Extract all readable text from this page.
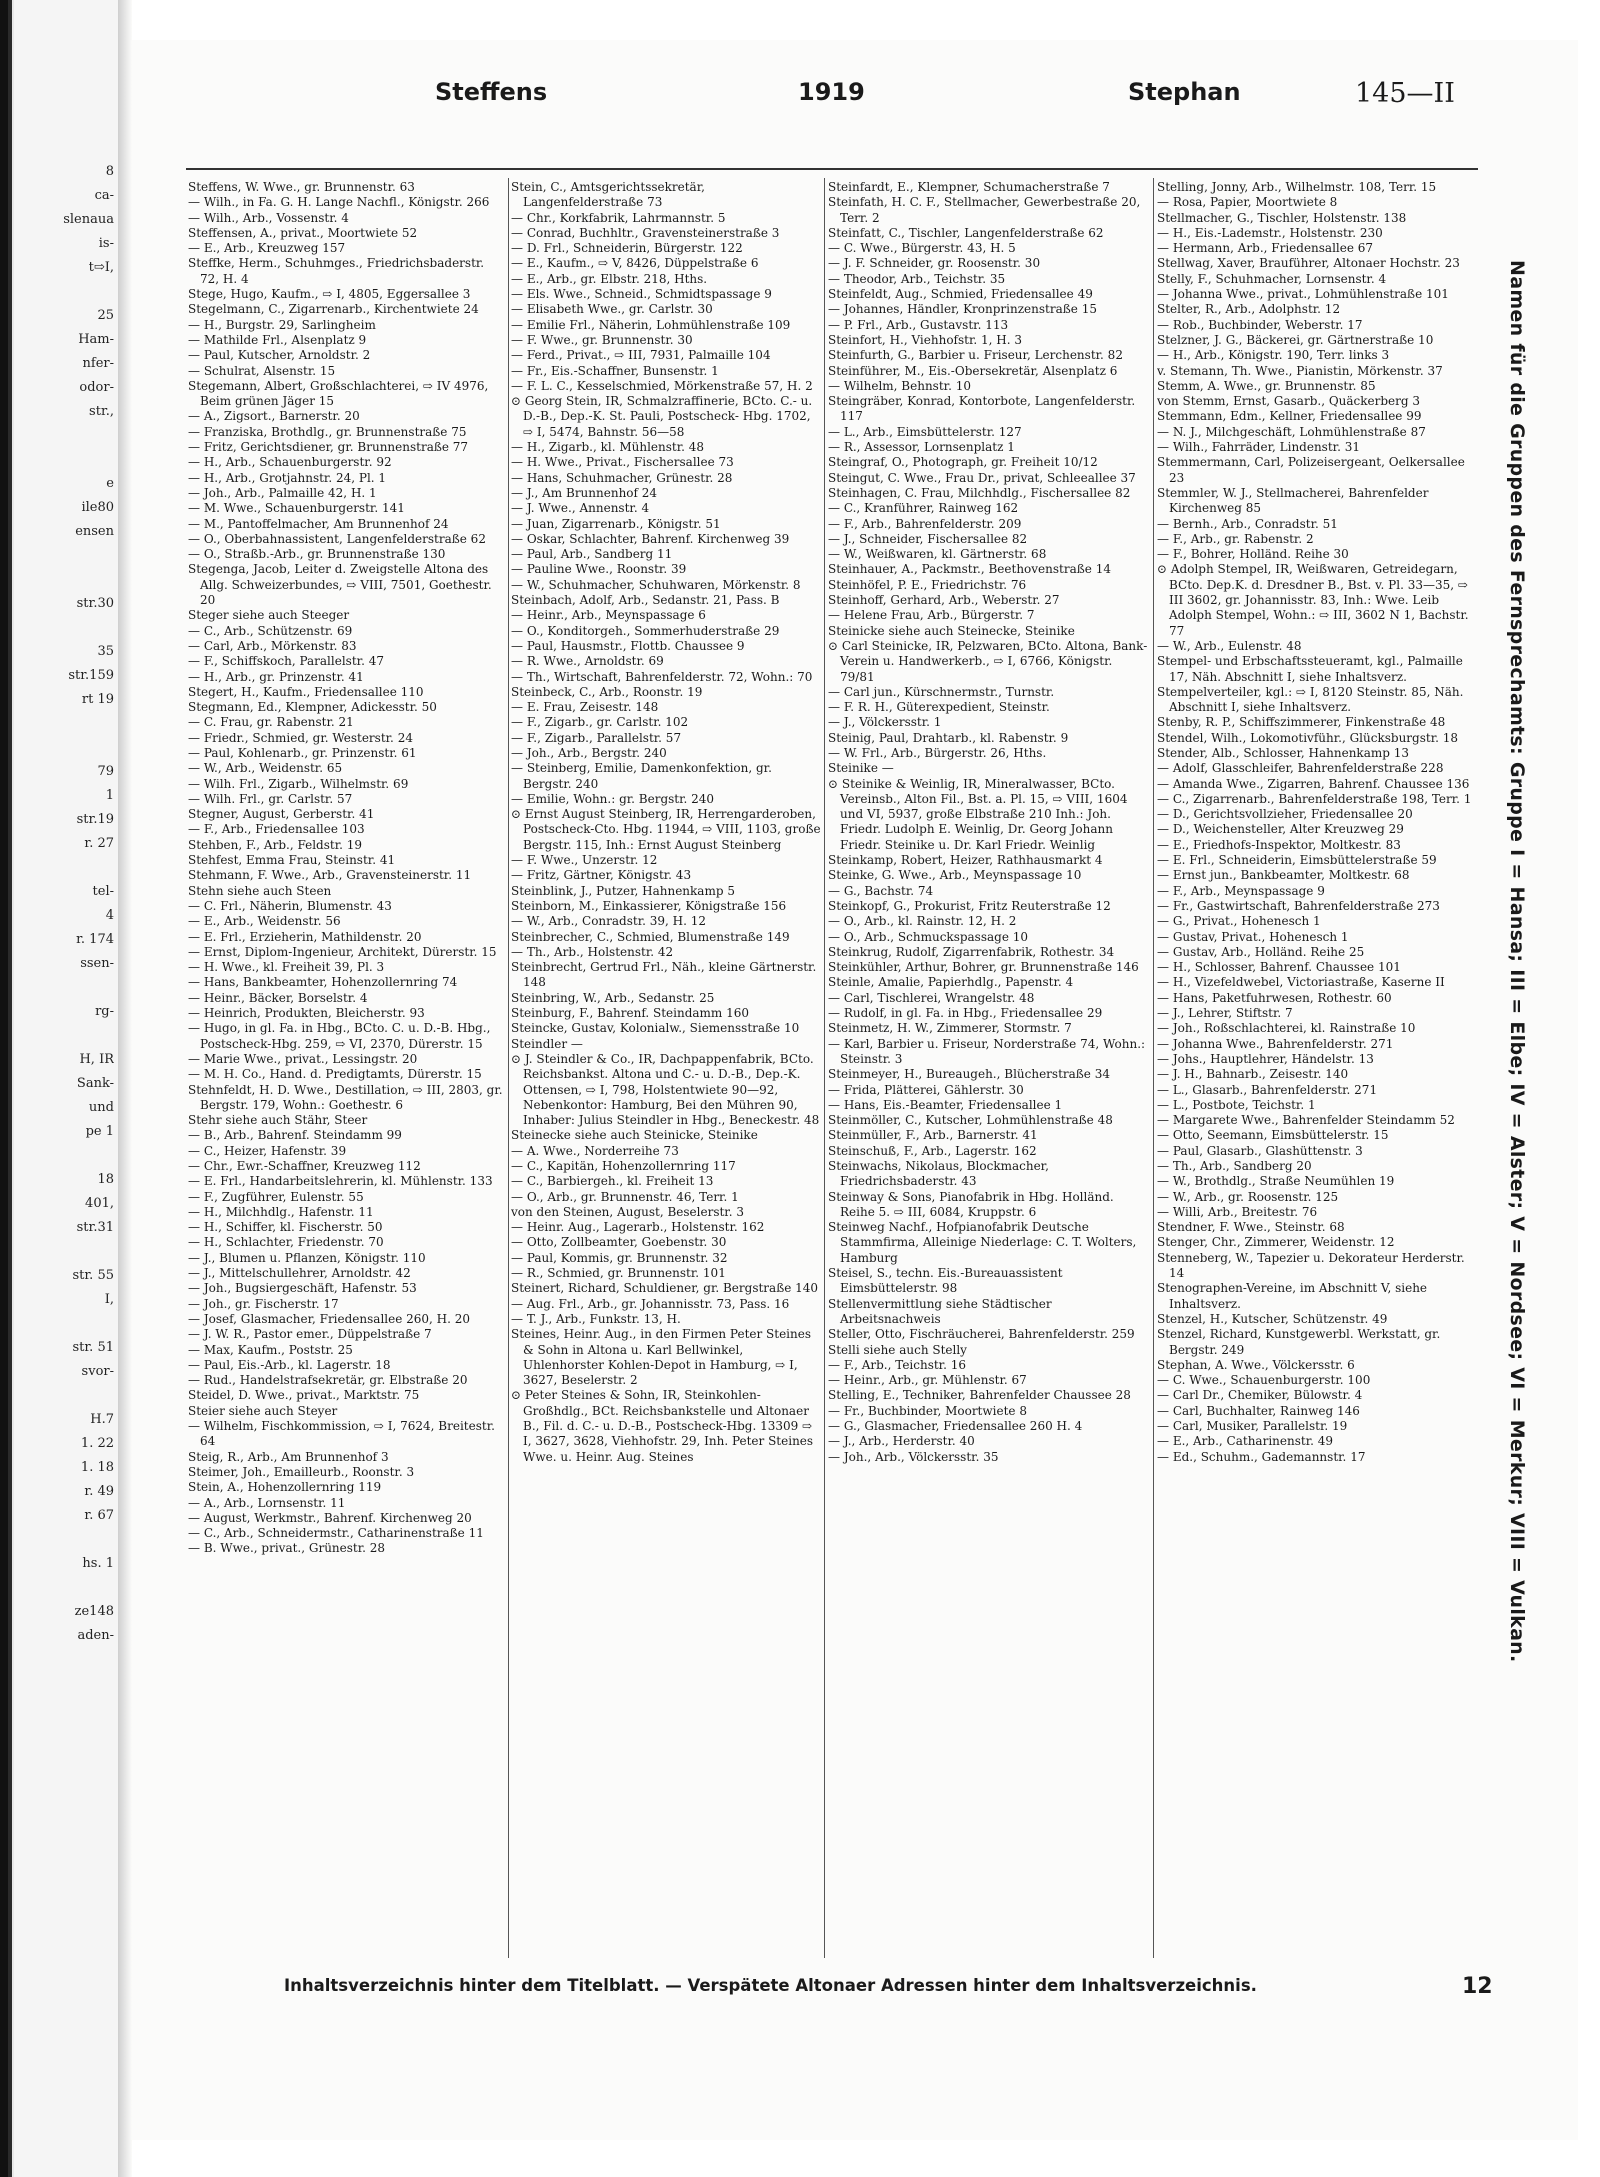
8
ca-
slenaua
is-
t⇨I,
25
Ham-
nfer-
odor-
str.,
e
ile80
ensen
str.30
35
str.159
rt 19
79
1
str.19
r. 27
tel-
4
r. 174
ssen-
rg-
H, IR
Sank-
und
pe 1
18
401,
str.31
str. 55
I,
str. 51
svor-
H.7
1. 22
1. 18
r. 49
r. 67
hs. 1
ze148
aden-
Steffens	1919	Stephan	145—II

Steffens, W. Wwe., gr. Brunnenstr. 63

— Wilh., in Fa. G. H. Lange Nachfl., Königstr. 266

— Wilh., Arb., Vossenstr. 4

Steffensen, A., privat., Moortwiete 52

— E., Arb., Kreuzweg 157

Steffke, Herm., Schuhmges., Friedrichsbaderstr. 72, H. 4

Stege, Hugo, Kaufm., ⇨ I, 4805, Eggersallee 3

Stegelmann, C., Zigarrenarb., Kirchentwiete 24

— H., Burgstr. 29, Sarlingheim

— Mathilde Frl., Alsenplatz 9

— Paul, Kutscher, Arnoldstr. 2

— Schulrat, Alsenstr. 15

Stegemann, Albert, Großschlachterei, ⇨ IV 4976, Beim grünen Jäger 15

— A., Zigsort., Barnerstr. 20

— Franziska, Brothdlg., gr. Brunnenstraße 75

— Fritz, Gerichtsdiener, gr. Brunnenstraße 77

— H., Arb., Schauenburgerstr. 92

— H., Arb., Grotjahnstr. 24, Pl. 1

— Joh., Arb., Palmaille 42, H. 1

— M. Wwe., Schauenburgerstr. 141

— M., Pantoffelmacher, Am Brunnenhof 24

— O., Oberbahnassistent, Langenfelderstraße 62

— O., Straßb.-Arb., gr. Brunnenstraße 130

Stegenga, Jacob, Leiter d. Zweigstelle Altona des Allg. Schweizerbundes, ⇨ VIII, 7501, Goethestr. 20

Steger siehe auch Steeger

— C., Arb., Schützenstr. 69

— Carl, Arb., Mörkenstr. 83

— F., Schiffskoch, Parallelstr. 47

— H., Arb., gr. Prinzenstr. 41

Stegert, H., Kaufm., Friedensallee 110

Stegmann, Ed., Klempner, Adickesstr. 50

— C. Frau, gr. Rabenstr. 21

— Friedr., Schmied, gr. Westerstr. 24

— Paul, Kohlenarb., gr. Prinzenstr. 61

— W., Arb., Weidenstr. 65

— Wilh. Frl., Zigarb., Wilhelmstr. 69

— Wilh. Frl., gr. Carlstr. 57

Stegner, August, Gerberstr. 41

— F., Arb., Friedensallee 103

Stehben, F., Arb., Feldstr. 19

Stehfest, Emma Frau, Steinstr. 41

Stehmann, F. Wwe., Arb., Gravensteinerstr. 11

Stehn siehe auch Steen

— C. Frl., Näherin, Blumenstr. 43

— E., Arb., Weidenstr. 56

— E. Frl., Erzieherin, Mathildenstr. 20

— Ernst, Diplom-Ingenieur, Architekt, Dürerstr. 15

— H. Wwe., kl. Freiheit 39, Pl. 3

— Hans, Bankbeamter, Hohenzollernring 74

— Heinr., Bäcker, Borselstr. 4

— Heinrich, Produkten, Bleicherstr. 93

— Hugo, in gl. Fa. in Hbg., BCto. C. u. D.-B. Hbg., Postscheck-Hbg. 259, ⇨ VI, 2370, Dürerstr. 15

— Marie Wwe., privat., Lessingstr. 20

— M. H. Co., Hand. d. Predigtamts, Dürerstr. 15

Stehnfeldt, H. D. Wwe., Destillation, ⇨ III, 2803, gr. Bergstr. 179, Wohn.: Goethestr. 6

Stehr siehe auch Stähr, Steer

— B., Arb., Bahrenf. Steindamm 99

— C., Heizer, Hafenstr. 39

— Chr., Ewr.-Schaffner, Kreuzweg 112

— E. Frl., Handarbeitslehrerin, kl. Mühlenstr. 133

— F., Zugführer, Eulenstr. 55

— H., Milchhdlg., Hafenstr. 11

— H., Schiffer, kl. Fischerstr. 50

— H., Schlachter, Friedenstr. 70

— J., Blumen u. Pflanzen, Königstr. 110

— J., Mittelschullehrer, Arnoldstr. 42

— Joh., Bugsiergeschäft, Hafenstr. 53

— Joh., gr. Fischerstr. 17

— Josef, Glasmacher, Friedensallee 260, H. 20

— J. W. R., Pastor emer., Düppelstraße 7

— Max, Kaufm., Poststr. 25

— Paul, Eis.-Arb., kl. Lagerstr. 18

— Rud., Handelstrafsekretär, gr. Elbstraße 20

Steidel, D. Wwe., privat., Marktstr. 75

Steier siehe auch Steyer

— Wilhelm, Fischkommission, ⇨ I, 7624, Breitestr. 64

Steig, R., Arb., Am Brunnenhof 3

Steimer, Joh., Emailleurb., Roonstr. 3

Stein, A., Hohenzollernring 119

— A., Arb., Lornsenstr. 11

— August, Werkmstr., Bahrenf. Kirchenweg 20

— C., Arb., Schneidermstr., Catharinenstraße 11

— B. Wwe., privat., Grünestr. 28

Stein, C., Amtsgerichtssekretär, Langenfelderstraße 73

— Chr., Korkfabrik, Lahrmannstr. 5

— Conrad, Buchhltr., Gravensteinerstraße 3

— D. Frl., Schneiderin, Bürgerstr. 122

— E., Kaufm., ⇨ V, 8426, Düppelstraße 6

— E., Arb., gr. Elbstr. 218, Hths.

— Els. Wwe., Schneid., Schmidtspassage 9

— Elisabeth Wwe., gr. Carlstr. 30

— Emilie Frl., Näherin, Lohmühlenstraße 109

— F. Wwe., gr. Brunnenstr. 30

— Ferd., Privat., ⇨ III, 7931, Palmaille 104

— Fr., Eis.-Schaffner, Bunsenstr. 1

— F. L. C., Kesselschmied, Mörkenstraße 57, H. 2

⊙ Georg Stein, IR, Schmalzraffinerie, BCto. C.- u. D.-B., Dep.-K. St. Pauli, Postscheck- Hbg. 1702, ⇨ I, 5474, Bahnstr. 56—58

— H., Zigarb., kl. Mühlenstr. 48

— H. Wwe., Privat., Fischersallee 73

— Hans, Schuhmacher, Grünestr. 28

— J., Am Brunnenhof 24

— J. Wwe., Annenstr. 4

— Juan, Zigarrenarb., Königstr. 51

— Oskar, Schlachter, Bahrenf. Kirchenweg 39

— Paul, Arb., Sandberg 11

— Pauline Wwe., Roonstr. 39

— W., Schuhmacher, Schuhwaren, Mörkenstr. 8

Steinbach, Adolf, Arb., Sedanstr. 21, Pass. B

— Heinr., Arb., Meynspassage 6

— O., Konditorgeh., Sommerhuderstraße 29

— Paul, Hausmstr., Flottb. Chaussee 9

— R. Wwe., Arnoldstr. 69

— Th., Wirtschaft, Bahrenfelderstr. 72, Wohn.: 70

Steinbeck, C., Arb., Roonstr. 19

— E. Frau, Zeisestr. 148

— F., Zigarb., gr. Carlstr. 102

— F., Zigarb., Parallelstr. 57

— Joh., Arb., Bergstr. 240

— Steinberg, Emilie, Damenkonfektion, gr. Bergstr. 240

— Emilie, Wohn.: gr. Bergstr. 240

⊙ Ernst August Steinberg, IR, Herrengarderoben, Postscheck-Cto. Hbg. 11944, ⇨ VIII, 1103, große Bergstr. 115, Inh.: Ernst August Steinberg

— F. Wwe., Unzerstr. 12

— Fritz, Gärtner, Königstr. 43

Steinblink, J., Putzer, Hahnenkamp 5

Steinborn, M., Einkassierer, Königstraße 156

— W., Arb., Conradstr. 39, H. 12

Steinbrecher, C., Schmied, Blumenstraße 149

— Th., Arb., Holstenstr. 42

Steinbrecht, Gertrud Frl., Näh., kleine Gärtnerstr. 148

Steinbring, W., Arb., Sedanstr. 25

Steinburg, F., Bahrenf. Steindamm 160

Steincke, Gustav, Kolonialw., Siemensstraße 10

Steindler —

⊙ J. Steindler & Co., IR, Dachpappenfabrik, BCto. Reichsbankst. Altona und C.- u. D.-B., Dep.-K. Ottensen, ⇨ I, 798, Holstentwiete 90—92, Nebenkontor: Hamburg, Bei den Mühren 90, Inhaber: Julius Steindler in Hbg., Beneckestr. 48

Steinecke siehe auch Steinicke, Steinike

— A. Wwe., Norderreihe 73

— C., Kapitän, Hohenzollernring 117

— C., Barbiergeh., kl. Freiheit 13

— O., Arb., gr. Brunnenstr. 46, Terr. 1

von den Steinen, August, Beselerstr. 3

— Heinr. Aug., Lagerarb., Holstenstr. 162

— Otto, Zollbeamter, Goebenstr. 30

— Paul, Kommis, gr. Brunnenstr. 32

— R., Schmied, gr. Brunnenstr. 101

Steinert, Richard, Schuldiener, gr. Bergstraße 140

— Aug. Frl., Arb., gr. Johannisstr. 73, Pass. 16

— T. J., Arb., Funkstr. 13, H.

Steines, Heinr. Aug., in den Firmen Peter Steines & Sohn in Altona u. Karl Bellwinkel, Uhlenhorster Kohlen-Depot in Hamburg, ⇨ I, 3627, Beselerstr. 2

⊙ Peter Steines & Sohn, IR, Steinkohlen-Großhdlg., BCt. Reichsbankstelle und Altonaer B., Fil. d. C.- u. D.-B., Postscheck-Hbg. 13309 ⇨ I, 3627, 3628, Viehhofstr. 29, Inh. Peter Steines Wwe. u. Heinr. Aug. Steines

Steinfardt, E., Klempner, Schumacherstraße 7

Steinfath, H. C. F., Stellmacher, Gewerbestraße 20, Terr. 2

Steinfatt, C., Tischler, Langenfelderstraße 62

— C. Wwe., Bürgerstr. 43, H. 5

— J. F. Schneider, gr. Roosenstr. 30

— Theodor, Arb., Teichstr. 35

Steinfeldt, Aug., Schmied, Friedensallee 49

— Johannes, Händler, Kronprinzenstraße 15

— P. Frl., Arb., Gustavstr. 113

Steinfort, H., Viehhofstr. 1, H. 3

Steinfurth, G., Barbier u. Friseur, Lerchenstr. 82

Steinführer, M., Eis.-Obersekretär, Alsenplatz 6

— Wilhelm, Behnstr. 10

Steingräber, Konrad, Kontorbote, Langenfelderstr. 117

— L., Arb., Eimsbüttelerstr. 127

— R., Assessor, Lornsenplatz 1

Steingraf, O., Photograph, gr. Freiheit 10/12

Steingut, C. Wwe., Frau Dr., privat, Schleeallee 37

Steinhagen, C. Frau, Milchhdlg., Fischersallee 82

— C., Kranführer, Rainweg 162

— F., Arb., Bahrenfelderstr. 209

— J., Schneider, Fischersallee 82

— W., Weißwaren, kl. Gärtnerstr. 68

Steinhauer, A., Packmstr., Beethovenstraße 14

Steinhöfel, P. E., Friedrichstr. 76

Steinhoff, Gerhard, Arb., Weberstr. 27

— Helene Frau, Arb., Bürgerstr. 7

Steinicke siehe auch Steinecke, Steinike

⊙ Carl Steinicke, IR, Pelzwaren, BCto. Altona, Bank-Verein u. Handwerkerb., ⇨ I, 6766, Königstr. 79/81

— Carl jun., Kürschnermstr., Turnstr.

— F. R. H., Güterexpedient, Steinstr.

— J., Völckersstr. 1

Steinig, Paul, Drahtarb., kl. Rabenstr. 9

— W. Frl., Arb., Bürgerstr. 26, Hths.

Steinike —

⊙ Steinike & Weinlig, IR, Mineralwasser, BCto. Vereinsb., Alton Fil., Bst. a. Pl. 15, ⇨ VIII, 1604 und VI, 5937, große Elbstraße 210 Inh.: Joh. Friedr. Ludolph E. Weinlig, Dr. Georg Johann Friedr. Steinike u. Dr. Karl Friedr. Weinlig

Steinkamp, Robert, Heizer, Rathhausmarkt 4

Steinke, G. Wwe., Arb., Meynspassage 10

— G., Bachstr. 74

Steinkopf, G., Prokurist, Fritz Reuterstraße 12

— O., Arb., kl. Rainstr. 12, H. 2

— O., Arb., Schmuckspassage 10

Steinkrug, Rudolf, Zigarrenfabrik, Rothestr. 34

Steinkühler, Arthur, Bohrer, gr. Brunnenstraße 146

Steinle, Amalie, Papierhdlg., Papenstr. 4

— Carl, Tischlerei, Wrangelstr. 48

— Rudolf, in gl. Fa. in Hbg., Friedensallee 29

Steinmetz, H. W., Zimmerer, Stormstr. 7

— Karl, Barbier u. Friseur, Norderstraße 74, Wohn.: Steinstr. 3

Steinmeyer, H., Bureaugeh., Blücherstraße 34

— Frida, Plätterei, Gählerstr. 30

— Hans, Eis.-Beamter, Friedensallee 1

Steinmöller, C., Kutscher, Lohmühlenstraße 48

Steinmüller, F., Arb., Barnerstr. 41

Steinschuß, F., Arb., Lagerstr. 162

Steinwachs, Nikolaus, Blockmacher, Friedrichsbaderstr. 43

Steinway & Sons, Pianofabrik in Hbg. Holländ. Reihe 5. ⇨ III, 6084, Kruppstr. 6

Steinweg Nachf., Hofpianofabrik Deutsche Stammfirma, Alleinige Niederlage: C. T. Wolters, Hamburg

Steisel, S., techn. Eis.-Bureauassistent Eimsbüttelerstr. 98

Stellenvermittlung siehe Städtischer Arbeitsnachweis

Steller, Otto, Fischräucherei, Bahrenfelderstr. 259

Stelli siehe auch Stelly

— F., Arb., Teichstr. 16

— Heinr., Arb., gr. Mühlenstr. 67

Stelling, E., Techniker, Bahrenfelder Chaussee 28

— Fr., Buchbinder, Moortwiete 8

— G., Glasmacher, Friedensallee 260 H. 4

— J., Arb., Herderstr. 40

— Joh., Arb., Völckersstr. 35

Stelling, Jonny, Arb., Wilhelmstr. 108, Terr. 15

— Rosa, Papier, Moortwiete 8

Stellmacher, G., Tischler, Holstenstr. 138

— H., Eis.-Lademstr., Holstenstr. 230

— Hermann, Arb., Friedensallee 67

Stellwag, Xaver, Brauführer, Altonaer Hochstr. 23

Stelly, F., Schuhmacher, Lornsenstr. 4

— Johanna Wwe., privat., Lohmühlenstraße 101

Stelter, R., Arb., Adolphstr. 12

— Rob., Buchbinder, Weberstr. 17

Stelzner, J. G., Bäckerei, gr. Gärtnerstraße 10

— H., Arb., Königstr. 190, Terr. links 3

v. Stemann, Th. Wwe., Pianistin, Mörkenstr. 37

Stemm, A. Wwe., gr. Brunnenstr. 85

von Stemm, Ernst, Gasarb., Quäckerberg 3

Stemmann, Edm., Kellner, Friedensallee 99

— N. J., Milchgeschäft, Lohmühlenstraße 87

— Wilh., Fahrräder, Lindenstr. 31

Stemmermann, Carl, Polizeisergeant, Oelkersallee 23

Stemmler, W. J., Stellmacherei, Bahrenfelder Kirchenweg 85

— Bernh., Arb., Conradstr. 51

— F., Arb., gr. Rabenstr. 2

— F., Bohrer, Holländ. Reihe 30

⊙ Adolph Stempel, IR, Weißwaren, Getreidegarn, BCto. Dep.K. d. Dresdner B., Bst. v. Pl. 33—35, ⇨ III 3602, gr. Johannisstr. 83, Inh.: Wwe. Leib Adolph Stempel, Wohn.: ⇨ III, 3602 N 1, Bachstr. 77

— W., Arb., Eulenstr. 48

Stempel- und Erbschaftssteueramt, kgl., Palmaille 17, Näh. Abschnitt I, siehe Inhaltsverz.

Stempelverteiler, kgl.: ⇨ I, 8120 Steinstr. 85, Näh. Abschnitt I, siehe Inhaltsverz.

Stenby, R. P., Schiffszimmerer, Finkenstraße 48

Stendel, Wilh., Lokomotivführ., Glücksburgstr. 18

Stender, Alb., Schlosser, Hahnenkamp 13

— Adolf, Glasschleifer, Bahrenfelderstraße 228

— Amanda Wwe., Zigarren, Bahrenf. Chaussee 136

— C., Zigarrenarb., Bahrenfelderstraße 198, Terr. 1

— D., Gerichtsvollzieher, Friedensallee 20

— D., Weichensteller, Alter Kreuzweg 29

— E., Friedhofs-Inspektor, Moltkestr. 83

— E. Frl., Schneiderin, Eimsbüttelerstraße 59

— Ernst jun., Bankbeamter, Moltkestr. 68

— F., Arb., Meynspassage 9

— Fr., Gastwirtschaft, Bahrenfelderstraße 273

— G., Privat., Hohenesch 1

— Gustav, Privat., Hohenesch 1

— Gustav, Arb., Holländ. Reihe 25

— H., Schlosser, Bahrenf. Chaussee 101

— H., Vizefeldwebel, Victoriastraße, Kaserne II

— Hans, Paketfuhrwesen, Rothestr. 60

— J., Lehrer, Stiftstr. 7

— Joh., Roßschlachterei, kl. Rainstraße 10

— Johanna Wwe., Bahrenfelderstr. 271

— Johs., Hauptlehrer, Händelstr. 13

— J. H., Bahnarb., Zeisestr. 140

— L., Glasarb., Bahrenfelderstr. 271

— L., Postbote, Teichstr. 1

— Margarete Wwe., Bahrenfelder Steindamm 52

— Otto, Seemann, Eimsbüttelerstr. 15

— Paul, Glasarb., Glashüttenstr. 3

— Th., Arb., Sandberg 20

— W., Brothdlg., Straße Neumühlen 19

— W., Arb., gr. Roosenstr. 125

— Willi, Arb., Breitestr. 76

Stendner, F. Wwe., Steinstr. 68

Stenger, Chr., Zimmerer, Weidenstr. 12

Stenneberg, W., Tapezier u. Dekorateur Herderstr. 14

Stenographen-Vereine, im Abschnitt V, siehe Inhaltsverz.

Stenzel, H., Kutscher, Schützenstr. 49

Stenzel, Richard, Kunstgewerbl. Werkstatt, gr. Bergstr. 249

Stephan, A. Wwe., Völckersstr. 6

— C. Wwe., Schauenburgerstr. 100

— Carl Dr., Chemiker, Bülowstr. 4

— Carl, Buchhalter, Rainweg 146

— Carl, Musiker, Parallelstr. 19

— E., Arb., Catharinenstr. 49

— Ed., Schuhm., Gademannstr. 17	Namen für die Gruppen des Fernsprechamts: Gruppe I = Hansa; III = Elbe; IV = Alster; V = Nordsee; VI = Merkur; VIII = Vulkan.
Inhaltsverzeichnis hinter dem Titelblatt. — Verspätete Altonaer Adressen hinter dem Inhaltsverzeichnis.	12
